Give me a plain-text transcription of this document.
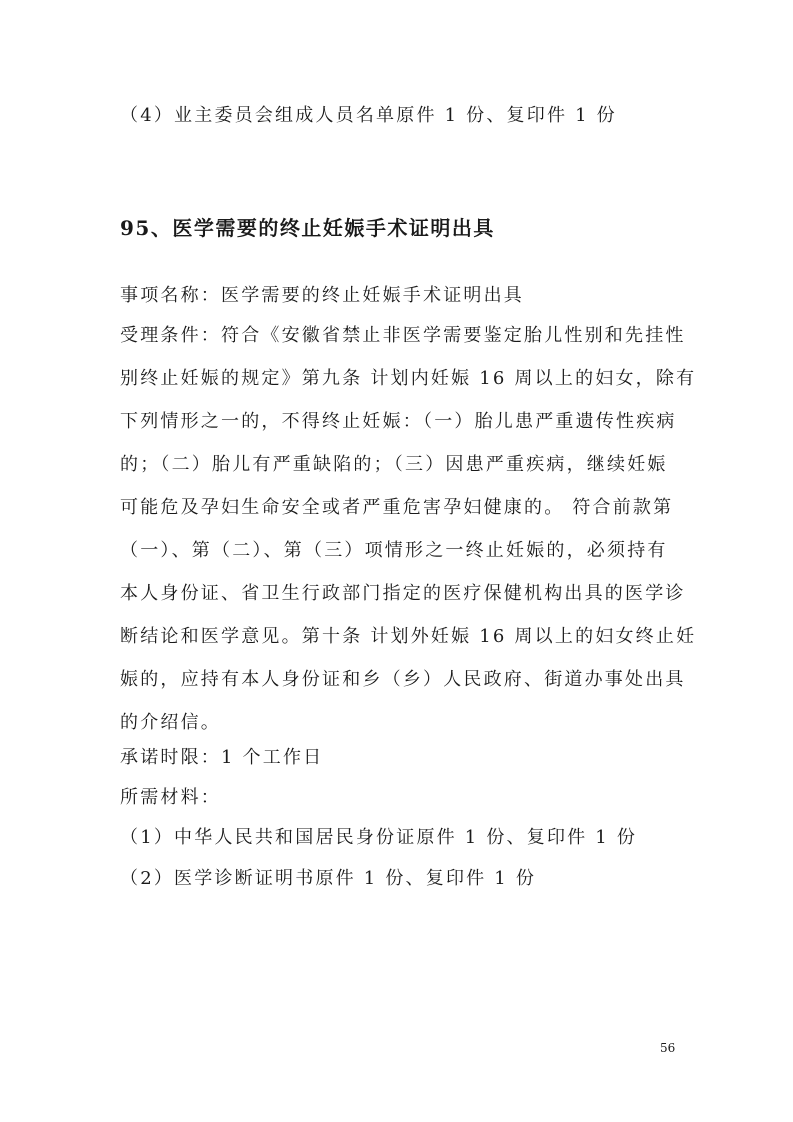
（4）业主委员会组成人员名单原件 1 份、复印件 1 份
95、医学需要的终止妊娠手术证明出具
事项名称：医学需要的终止妊娠手术证明出具
受理条件：符合《安徽省禁止非医学需要鉴定胎儿性别和先挂性
别终止妊娠的规定》第九条 计划内妊娠 16 周以上的妇女，除有
下列情形之一的，不得终止妊娠：（一）胎儿患严重遗传性疾病
的；（二）胎儿有严重缺陷的；（三）因患严重疾病，继续妊娠
可能危及孕妇生命安全或者严重危害孕妇健康的。 符合前款第
（一）、第（二）、第（三）项情形之一终止妊娠的，必须持有
本人身份证、省卫生行政部门指定的医疗保健机构出具的医学诊
断结论和医学意见。第十条 计划外妊娠 16 周以上的妇女终止妊
娠的，应持有本人身份证和乡（乡）人民政府、街道办事处出具
的介绍信。
承诺时限：1 个工作日
所需材料：
（1）中华人民共和国居民身份证原件 1 份、复印件 1 份
（2）医学诊断证明书原件 1 份、复印件 1 份
56
